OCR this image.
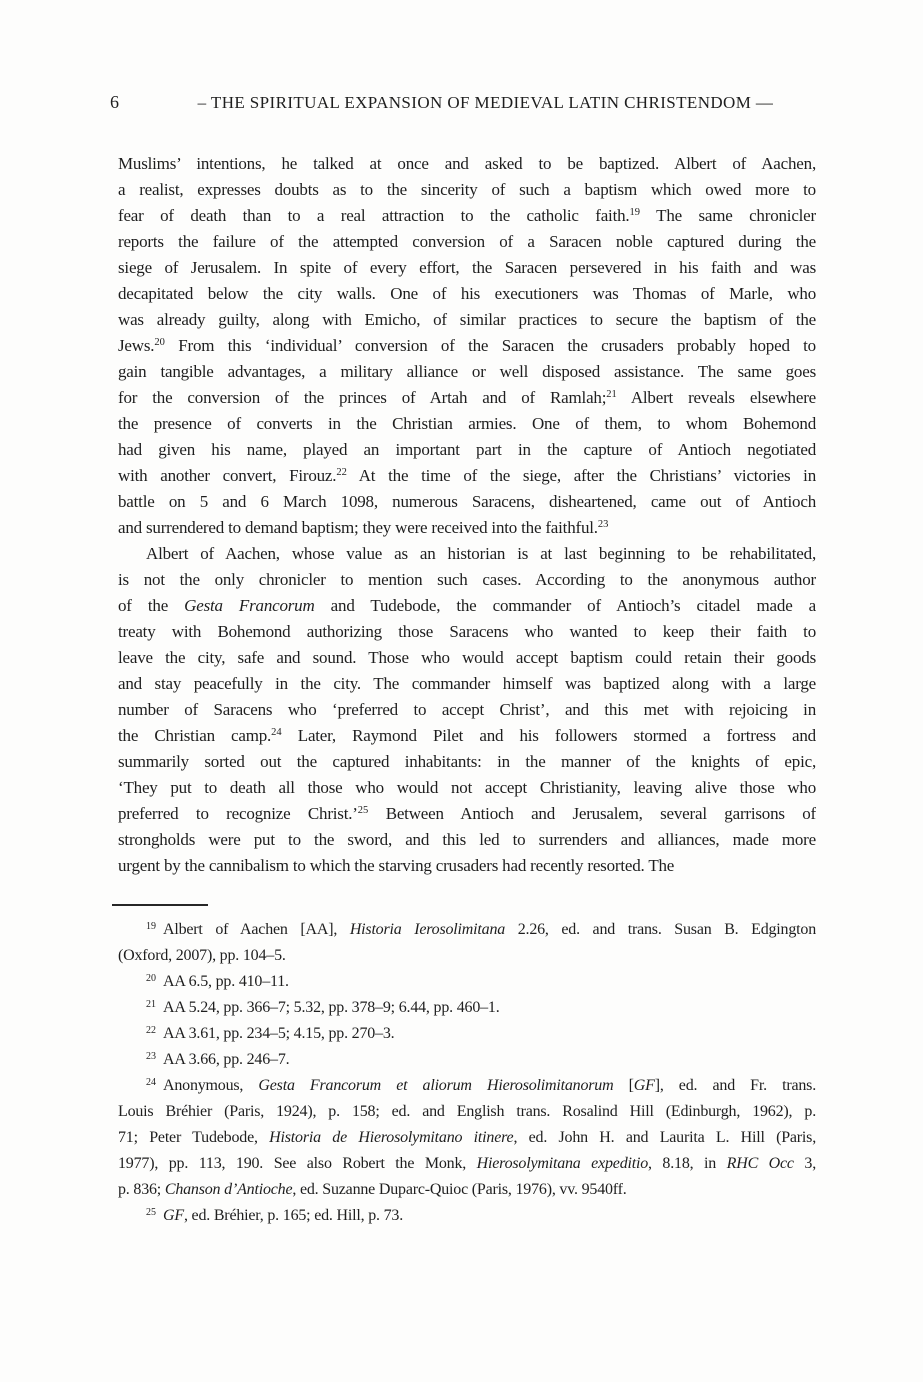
6	– THE SPIRITUAL EXPANSION OF MEDIEVAL LATIN CHRISTENDOM —
Muslims’ intentions, he talked at once and asked to be baptized. Albert of Aachen,
a realist, expresses doubts as to the sincerity of such a baptism which owed more to
fear of death than to a real attraction to the catholic faith.$^{19}$ The same chronicler
reports the failure of the attempted conversion of a Saracen noble captured during the
siege of Jerusalem. In spite of every effort, the Saracen persevered in his faith and was
decapitated below the city walls. One of his executioners was Thomas of Marle, who
was already guilty, along with Emicho, of similar practices to secure the baptism of the
Jews.$^{20}$ From this ‘individual’ conversion of the Saracen the crusaders probably hoped to
gain tangible advantages, a military alliance or well disposed assistance. The same goes
for the conversion of the princes of Artah and of Ramlah;$^{21}$ Albert reveals elsewhere
the presence of converts in the Christian armies. One of them, to whom Bohemond
had given his name, played an important part in the capture of Antioch negotiated
with another convert, Firouz.$^{22}$ At the time of the siege, after the Christians’ victories in
battle on 5 and 6 March 1098, numerous Saracens, disheartened, came out of Antioch
and surrendered to demand baptism; they were received into the faithful.$^{23}$
Albert of Aachen, whose value as an historian is at last beginning to be rehabilitated,
is not the only chronicler to mention such cases. According to the anonymous author
of the Gesta Francorum and Tudebode, the commander of Antioch’s citadel made a
treaty with Bohemond authorizing those Saracens who wanted to keep their faith to
leave the city, safe and sound. Those who would accept baptism could retain their goods
and stay peacefully in the city. The commander himself was baptized along with a large
number of Saracens who ‘preferred to accept Christ’, and this met with rejoicing in
the Christian camp.$^{24}$ Later, Raymond Pilet and his followers stormed a fortress and
summarily sorted out the captured inhabitants: in the manner of the knights of epic,
‘They put to death all those who would not accept Christianity, leaving alive those who
preferred to recognize Christ.’$^{25}$ Between Antioch and Jerusalem, several garrisons of
strongholds were put to the sword, and this led to surrenders and alliances, made more
urgent by the cannibalism to which the starving crusaders had recently resorted. The
$^{19}$ Albert of Aachen [AA], Historia Ierosolimitana 2.26, ed. and trans. Susan B. Edgington
(Oxford, 2007), pp. 104–5.
$^{20}$ AA 6.5, pp. 410–11.
$^{21}$ AA 5.24, pp. 366–7; 5.32, pp. 378–9; 6.44, pp. 460–1.
$^{22}$ AA 3.61, pp. 234–5; 4.15, pp. 270–3.
$^{23}$ AA 3.66, pp. 246–7.
$^{24}$ Anonymous, Gesta Francorum et aliorum Hierosolimitanorum [GF], ed. and Fr. trans.
Louis Bréhier (Paris, 1924), p. 158; ed. and English trans. Rosalind Hill (Edinburgh, 1962), p.
71; Peter Tudebode, Historia de Hierosolymitano itinere, ed. John H. and Laurita L. Hill (Paris,
1977), pp. 113, 190. See also Robert the Monk, Hierosolymitana expeditio, 8.18, in RHC Occ 3,
p. 836; Chanson d’Antioche, ed. Suzanne Duparc-Quioc (Paris, 1976), vv. 9540ff.
$^{25}$ GF, ed. Bréhier, p. 165; ed. Hill, p. 73.
